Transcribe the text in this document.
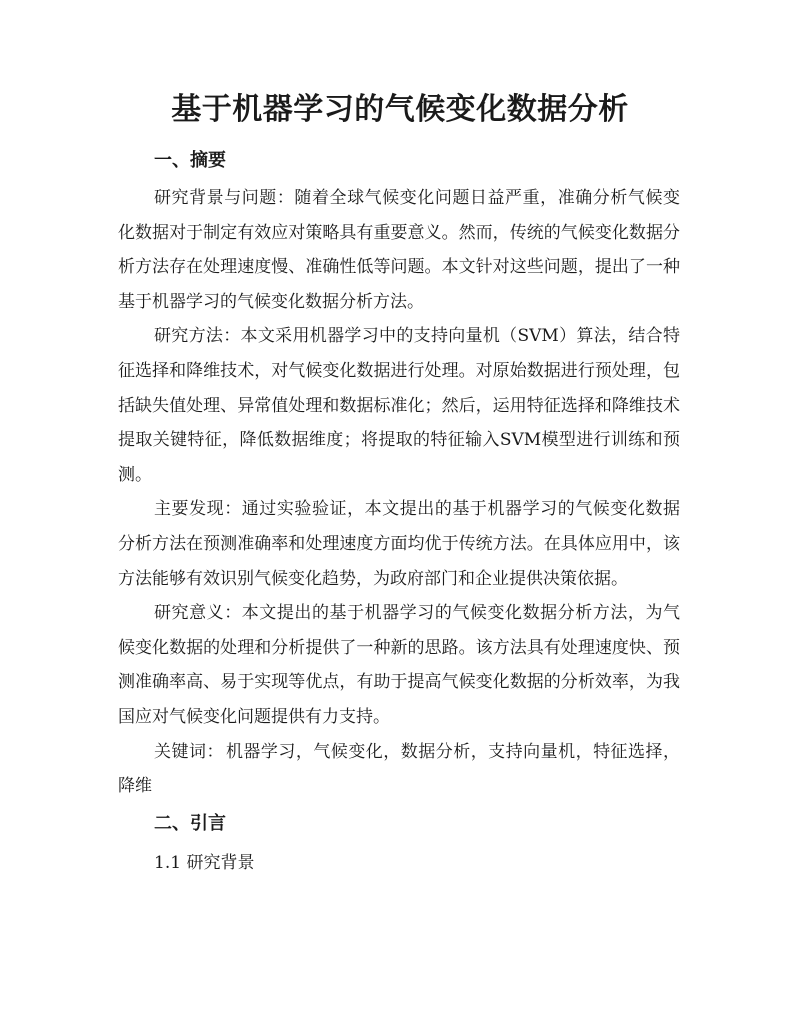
基于机器学习的气候变化数据分析
一、摘要

研究背景与问题：随着全球气候变化问题日益严重，准确分析气候变化数据对于制定有效应对策略具有重要意义。然而，传统的气候变化数据分析方法存在处理速度慢、准确性低等问题。本文针对这些问题，提出了一种基于机器学习的气候变化数据分析方法。

研究方法：本文采用机器学习中的支持向量机（SVM）算法，结合特征选择和降维技术，对气候变化数据进行处理。对原始数据进行预处理，包括缺失值处理、异常值处理和数据标准化；然后，运用特征选择和降维技术提取关键特征，降低数据维度；将提取的特征输入SVM模型进行训练和预测。

主要发现：通过实验验证，本文提出的基于机器学习的气候变化数据分析方法在预测准确率和处理速度方面均优于传统方法。在具体应用中，该方法能够有效识别气候变化趋势，为政府部门和企业提供决策依据。

研究意义：本文提出的基于机器学习的气候变化数据分析方法，为气候变化数据的处理和分析提供了一种新的思路。该方法具有处理速度快、预测准确率高、易于实现等优点，有助于提高气候变化数据的分析效率，为我国应对气候变化问题提供有力支持。

关键词： 机器学习，气候变化，数据分析，支持向量机，特征选择，降维

二、引言

1.1 研究背景
